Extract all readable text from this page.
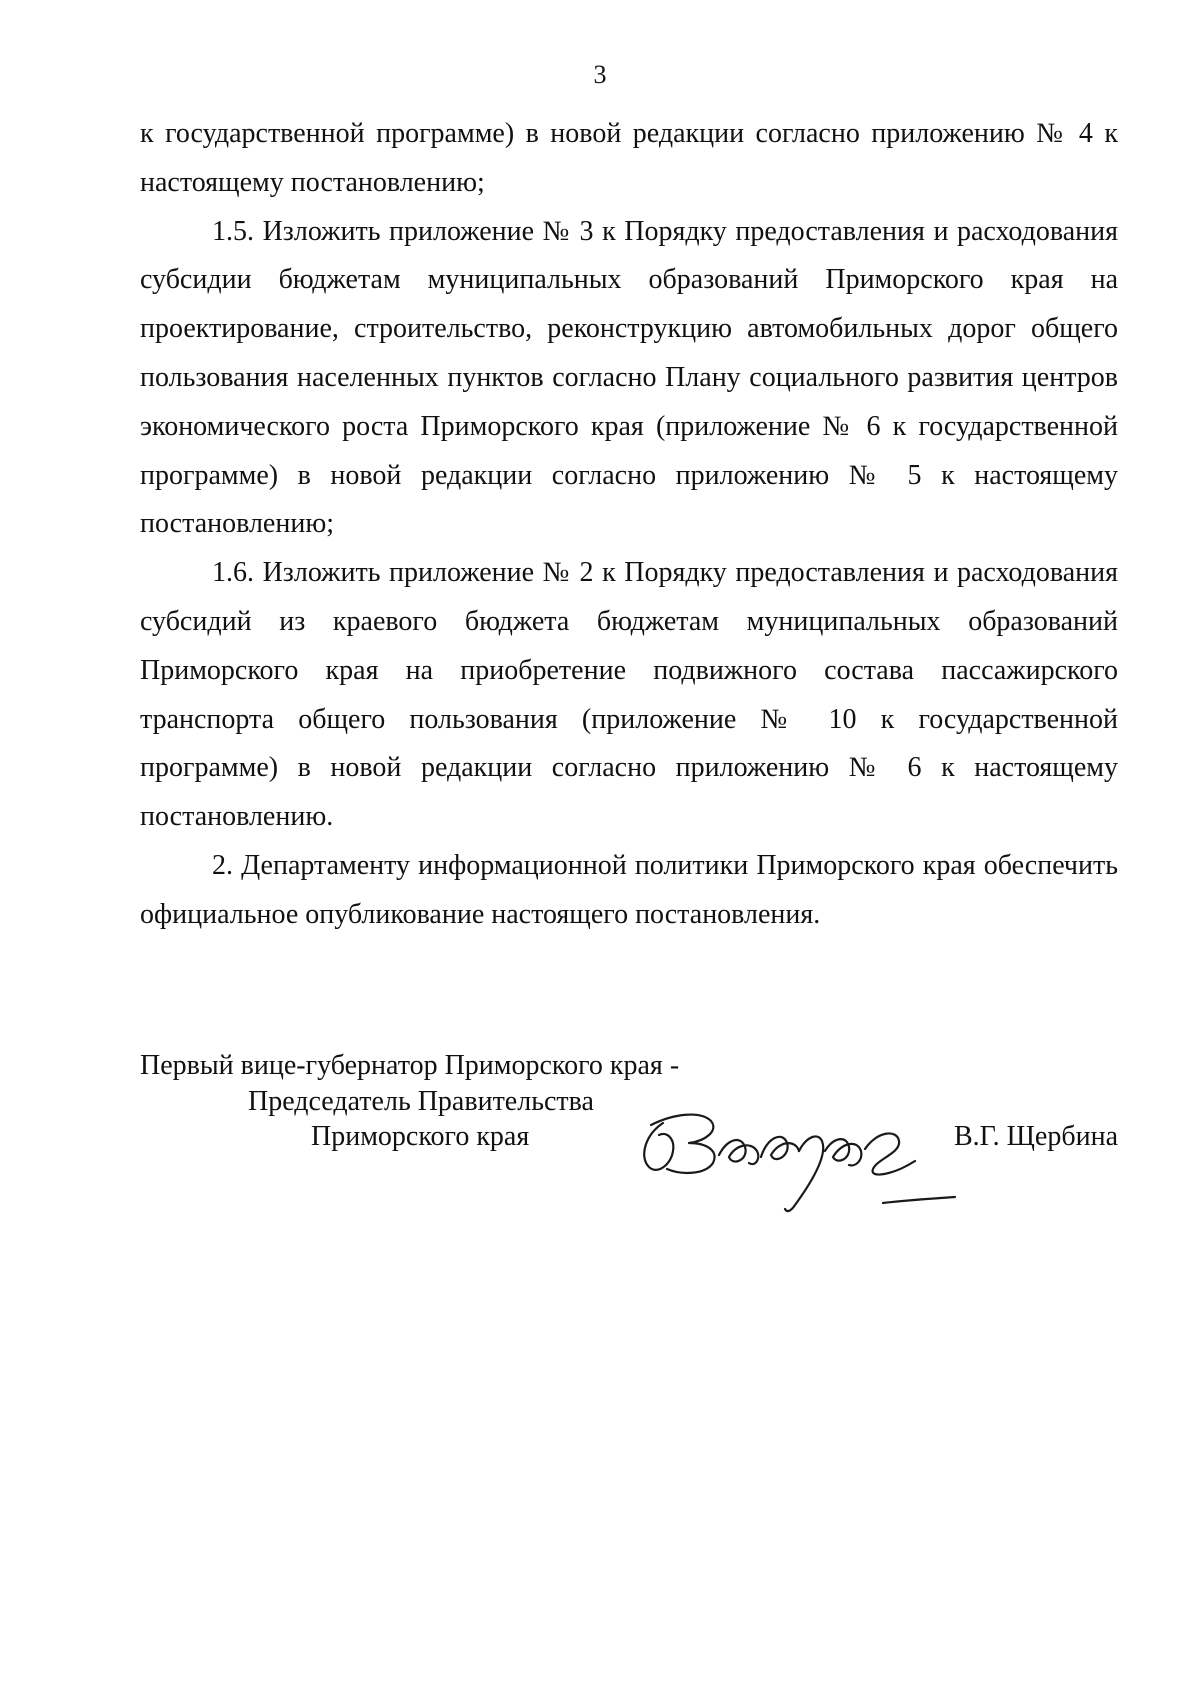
3

к государственной программе) в новой редакции согласно приложению № 4 к настоящему постановлению;

1.5. Изложить приложение № 3 к Порядку предоставления и расходования субсидии бюджетам муниципальных образований Приморского края на проектирование, строительство, реконструкцию автомобильных дорог общего пользования населенных пунктов согласно Плану социального развития центров экономического роста Приморского края (приложение № 6 к государственной программе) в новой редакции согласно приложению № 5 к настоящему постановлению;

1.6. Изложить приложение № 2 к Порядку предоставления и расходования субсидий из краевого бюджета бюджетам муниципальных образований Приморского края на приобретение подвижного состава пассажирского транспорта общего пользования (приложение № 10 к государственной программе) в новой редакции согласно приложению № 6 к настоящему постановлению.

2. Департаменту информационной политики Приморского края обеспечить официальное опубликование настоящего постановления.

Первый вице-губернатор Приморского края -
Председатель Правительства
Приморского края	В.Г. Щербина
